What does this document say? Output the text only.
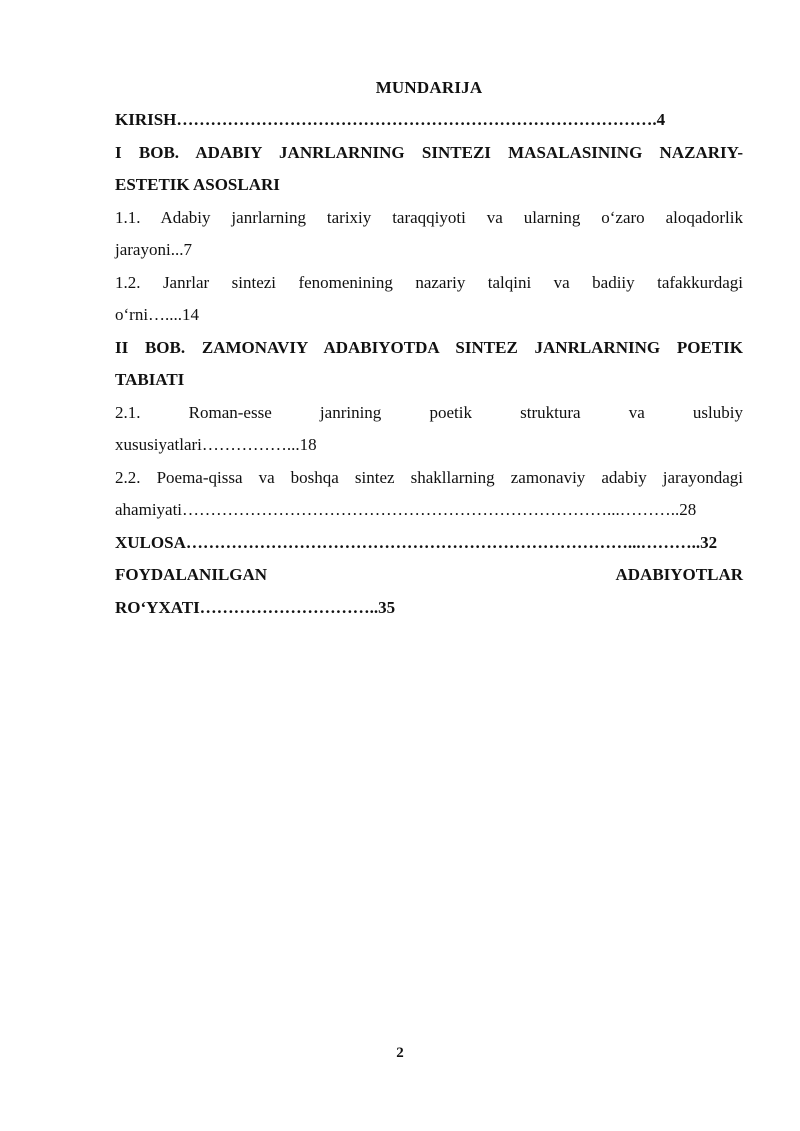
MUNDARIJA
KIRISH………………………………………………………………………….4
I BOB. ADABIY JANRLARNING SINTEZI MASALASINING NAZARIY-
ESTETIK ASOSLARI
1.1. Adabiy janrlarning tarixiy taraqqiyoti va ularning o‘zaro aloqadorlik
jarayoni...7
1.2. Janrlar sintezi fenomenining nazariy talqini va badiiy tafakkurdagi
o‘rni…....14
II BOB. ZAMONAVIY ADABIYOTDA SINTEZ JANRLARNING POETIK
TABIATI
2.1. Roman-esse janrining poetik struktura va uslubiy
xususiyatlari……………...18
2.2. Poema-qissa va boshqa sintez shakllarning zamonaviy adabiy jarayondagi
ahamiyati…………………………………………………………………...………..28
XULOSA……………………………………………………………………...………..32
FOYDALANILGAN ADABIYOTLAR
RO‘YXATI…………………………..35
2
